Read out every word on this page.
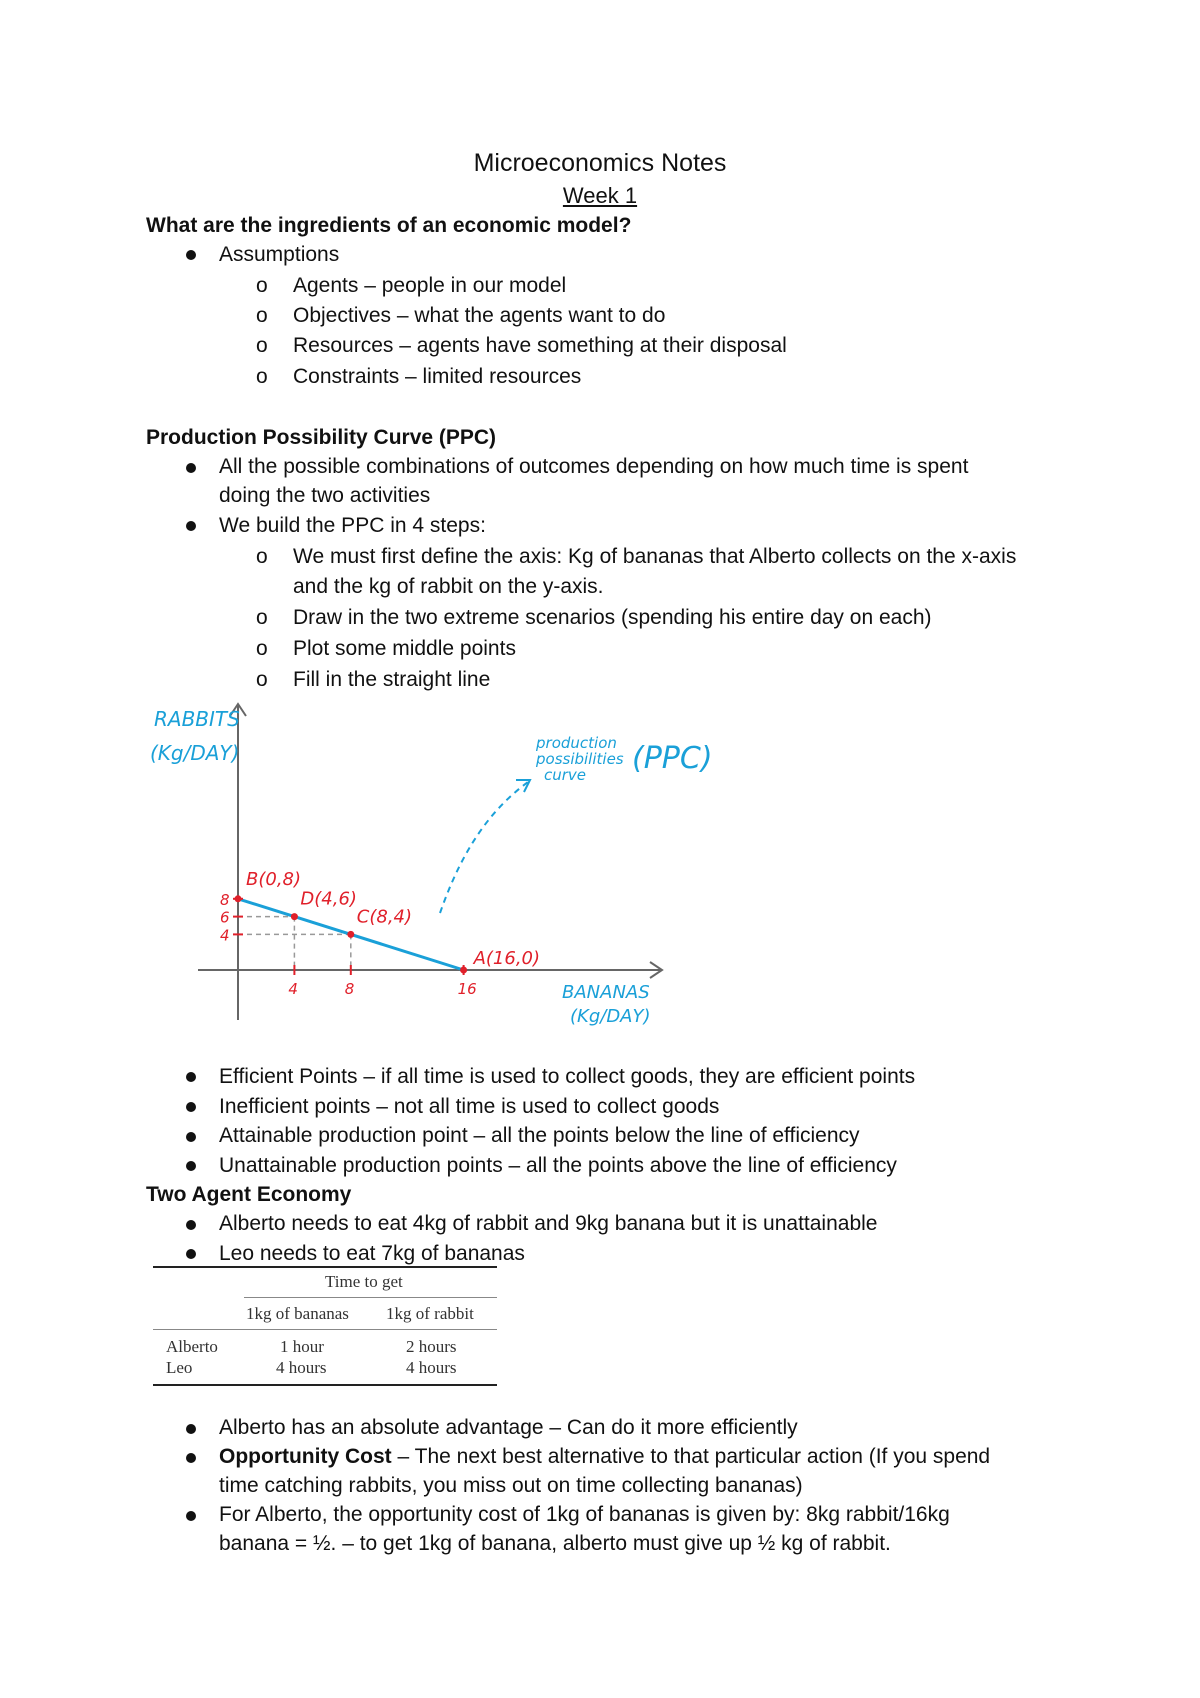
Microeconomics Notes
Week 1
What are the ingredients of an economic model?
Assumptions
o Agents – people in our model
o Objectives – what the agents want to do
o Resources – agents have something at their disposal
o Constraints – limited resources
Production Possibility Curve (PPC)
All the possible combinations of outcomes depending on how much time is spent
doing the two activities
We build the PPC in 4 steps:
o We must first define the axis: Kg of bananas that Alberto collects on the x-axis
and the kg of rabbit on the y-axis.
o Draw in the two extreme scenarios (spending his entire day on each)
o Plot some middle points
o Fill in the straight line
RABBITS
(Kg/DAY)
BANANAS
(Kg/DAY)
4	8	16
8
6
4
B(0,8)
D(4,6)
C(8,4)
A(16,0)
production
possibilities
curve (PPC)
Efficient Points – if all time is used to collect goods, they are efficient points
Inefficient points – not all time is used to collect goods
Attainable production point – all the points below the line of efficiency
Unattainable production points – all the points above the line of efficiency
Two Agent Economy
Alberto needs to eat 4kg of rabbit and 9kg banana but it is unattainable
Leo needs to eat 7kg of bananas
Time to get
1kg of bananas 1kg of rabbit
Alberto	1 hour	2 hours
Leo	4 hours	4 hours
Alberto has an absolute advantage – Can do it more efficiently
Opportunity Cost – The next best alternative to that particular action (If you spend
time catching rabbits, you miss out on time collecting bananas)
For Alberto, the opportunity cost of 1kg of bananas is given by: 8kg rabbit/16kg
banana = ½. – to get 1kg of banana, alberto must give up ½ kg of rabbit.
